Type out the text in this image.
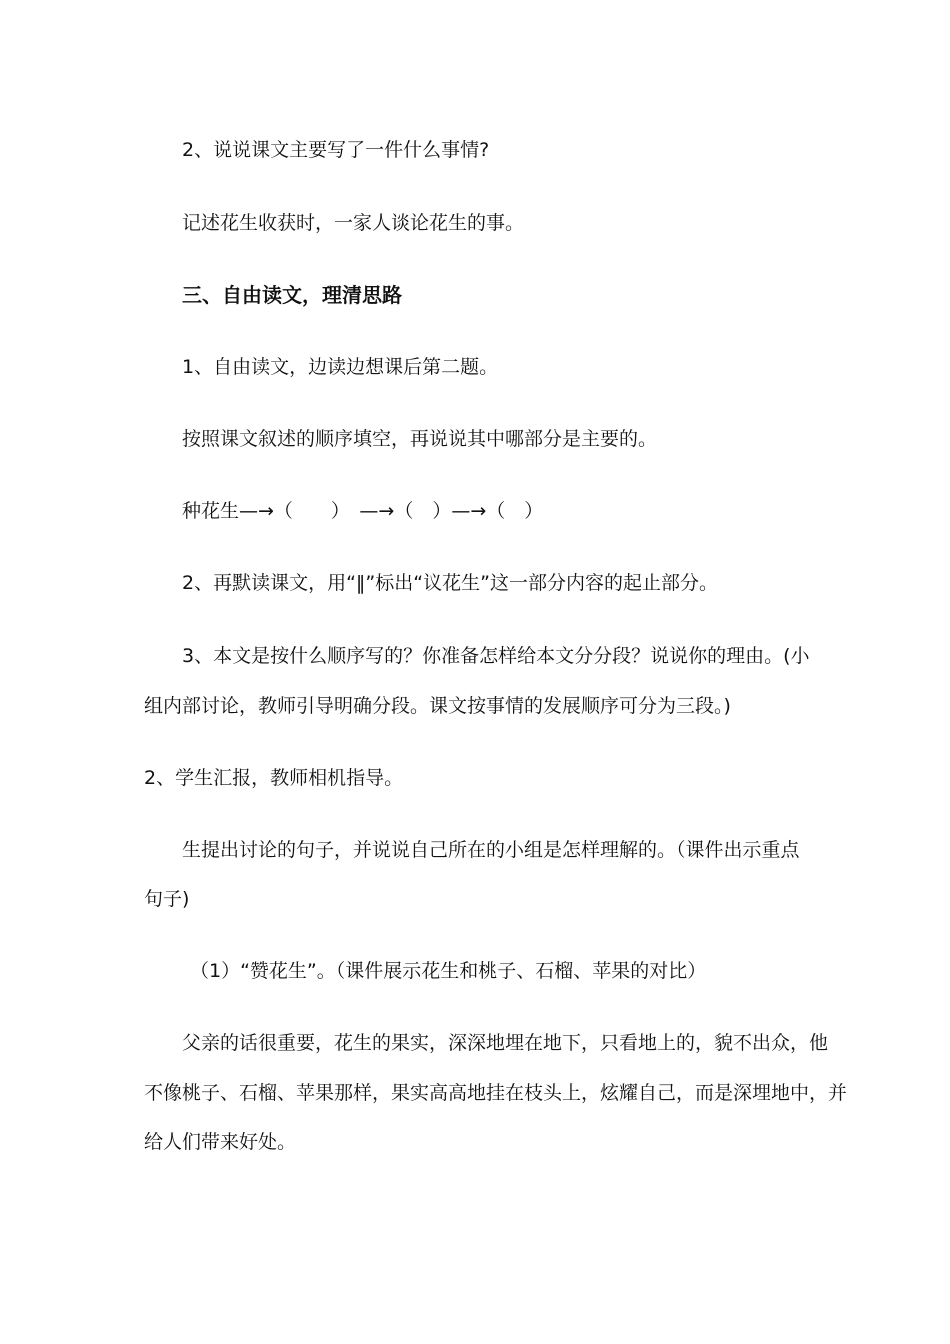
2、说说课文主要写了一件什么事情?
记述花生收获时，一家人谈论花生的事。
三、自由读文，理清思路
1、自由读文，边读边想课后第二题。
按照课文叙述的顺序填空，再说说其中哪部分是主要的。
种花生—→（　　）　—→（　）—→（　）
2、再默读课文，用“‖”标出“议花生”这一部分内容的起止部分。
3、本文是按什么顺序写的？你准备怎样给本文分分段？说说你的理由。(小
组内部讨论，教师引导明确分段。课文按事情的发展顺序可分为三段。)
2、学生汇报，教师相机指导。
生提出讨论的句子，并说说自己所在的小组是怎样理解的。（课件出示重点
句子)
（1）“赞花生”。（课件展示花生和桃子、石榴、苹果的对比）
父亲的话很重要，花生的果实，深深地埋在地下，只看地上的，貌不出众，他
不像桃子、石榴、苹果那样，果实高高地挂在枝头上，炫耀自己，而是深埋地中，并
给人们带来好处。
